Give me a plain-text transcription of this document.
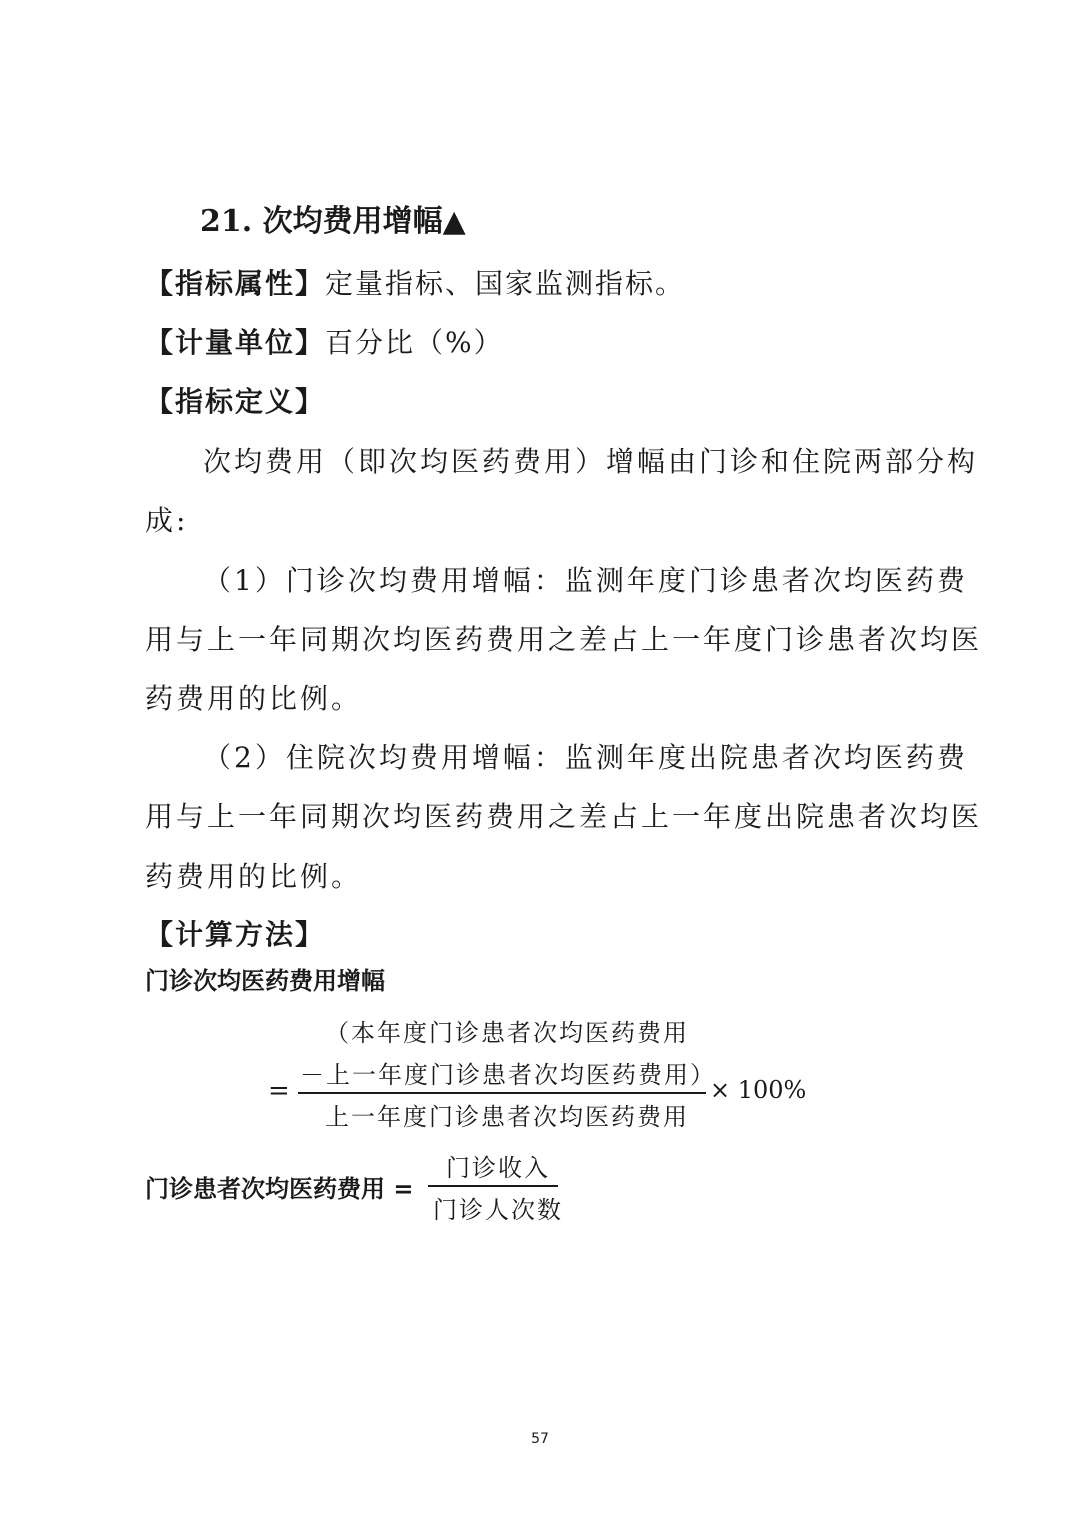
21. 次均费用增幅▲
【指标属性】定量指标、国家监测指标。
【计量单位】百分比（%）
【指标定义】
次均费用（即次均医药费用）增幅由门诊和住院两部分构
成:
（1）门诊次均费用增幅：监测年度门诊患者次均医药费
用与上一年同期次均医药费用之差占上一年度门诊患者次均医
药费用的比例。
（2）住院次均费用增幅：监测年度出院患者次均医药费
用与上一年同期次均医药费用之差占上一年度出院患者次均医
药费用的比例。
【计算方法】
门诊次均医药费用增幅
=
（本年度门诊患者次均医药费用
－上一年度门诊患者次均医药费用）
上一年度门诊患者次均医药费用
× 100%
门诊患者次均医药费用 =
门诊收入
门诊人次数
57
